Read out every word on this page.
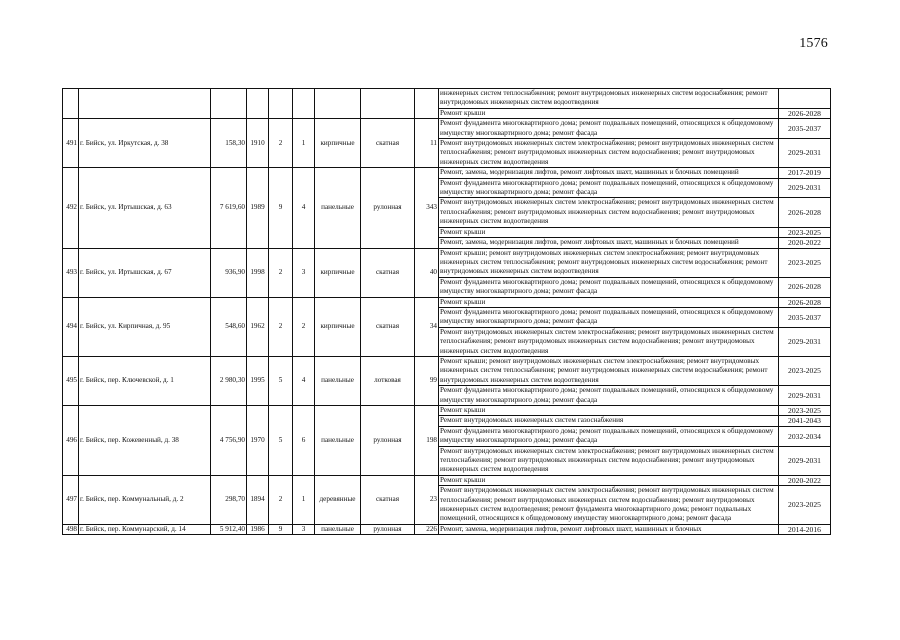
1576
									инженерных систем теплоснабжения; ремонт внутридомовых инженерных систем водоснабжения; ремонт внутридомовых инженерных систем водоотведения	
									Ремонт крыши	2026-2028
491	г. Бийск, ул. Иркутская, д. 38	158,30	1910	2	1	кирпичные	скатная	11	Ремонт фундамента многоквартирного дома; ремонт подвальных помещений, относящихся к общедомовому имуществу многоквартирного дома; ремонт фасада	2035-2037
									Ремонт внутридомовых инженерных систем электроснабжения; ремонт внутридомовых инженерных систем теплоснабжения; ремонт внутридомовых инженерных систем водоснабжения; ремонт внутридомовых инженерных систем водоотведения	2029-2031
492	г. Бийск, ул. Иртышская, д. 63	7 619,60	1989	9	4	панельные	рулонная	343	Ремонт, замена, модернизация лифтов, ремонт лифтовых шахт, машинных и блочных помещений	2017-2019
									Ремонт фундамента многоквартирного дома; ремонт подвальных помещений, относящихся к общедомовому имуществу многоквартирного дома; ремонт фасада	2029-2031
									Ремонт внутридомовых инженерных систем электроснабжения; ремонт внутридомовых инженерных систем теплоснабжения; ремонт внутридомовых инженерных систем водоснабжения; ремонт внутридомовых инженерных систем водоотведения	2026-2028
									Ремонт крыши	2023-2025
									Ремонт, замена, модернизация лифтов, ремонт лифтовых шахт, машинных и блочных помещений	2020-2022
493	г. Бийск, ул. Иртышская, д. 67	936,90	1998	2	3	кирпичные	скатная	40	Ремонт крыши; ремонт внутридомовых инженерных систем электроснабжения; ремонт внутридомовых инженерных систем теплоснабжения; ремонт внутридомовых инженерных систем водоснабжения; ремонт внутридомовых инженерных систем водоотведения	2023-2025
									Ремонт фундамента многоквартирного дома; ремонт подвальных помещений, относящихся к общедомовому имуществу многоквартирного дома; ремонт фасада	2026-2028
494	г. Бийск, ул. Кирпичная, д. 95	548,60	1962	2	2	кирпичные	скатная	34	Ремонт крыши	2026-2028
									Ремонт фундамента многоквартирного дома; ремонт подвальных помещений, относящихся к общедомовому имуществу многоквартирного дома; ремонт фасада	2035-2037
									Ремонт внутридомовых инженерных систем электроснабжения; ремонт внутридомовых инженерных систем теплоснабжения; ремонт внутридомовых инженерных систем водоснабжения; ремонт внутридомовых инженерных систем водоотведения	2029-2031
495	г. Бийск, пер. Ключевской, д. 1	2 980,30	1995	5	4	панельные	лотковая	99	Ремонт крыши; ремонт внутридомовых инженерных систем электроснабжения; ремонт внутридомовых инженерных систем теплоснабжения; ремонт внутридомовых инженерных систем водоснабжения; ремонт внутридомовых инженерных систем водоотведения	2023-2025
									Ремонт фундамента многоквартирного дома; ремонт подвальных помещений, относящихся к общедомовому имуществу многоквартирного дома; ремонт фасада	2029-2031
496	г. Бийск, пер. Кожевенный, д. 38	4 756,90	1970	5	6	панельные	рулонная	198	Ремонт крыши	2023-2025
									Ремонт внутридомовых инженерных систем газоснабжения	2041-2043
									Ремонт фундамента многоквартирного дома; ремонт подвальных помещений, относящихся к общедомовому имуществу многоквартирного дома; ремонт фасада	2032-2034
									Ремонт внутридомовых инженерных систем электроснабжения; ремонт внутридомовых инженерных систем теплоснабжения; ремонт внутридомовых инженерных систем водоснабжения; ремонт внутридомовых инженерных систем водоотведения	2029-2031
497	г. Бийск, пер. Коммунальный, д. 2	298,70	1894	2	1	деревянные	скатная	23	Ремонт крыши	2020-2022
									Ремонт внутридомовых инженерных систем электроснабжения; ремонт внутридомовых инженерных систем теплоснабжения; ремонт внутридомовых инженерных систем водоснабжения; ремонт внутридомовых инженерных систем водоотведения; ремонт фундамента многоквартирного дома; ремонт подвальных помещений, относящихся к общедомовому имуществу многоквартирного дома; ремонт фасада	2023-2025
498	г. Бийск, пер. Коммунарский, д. 14	5 912,40	1986	9	3	панельные	рулонная	226	Ремонт, замена, модернизация лифтов, ремонт лифтовых шахт, машинных и блочных	2014-2016
